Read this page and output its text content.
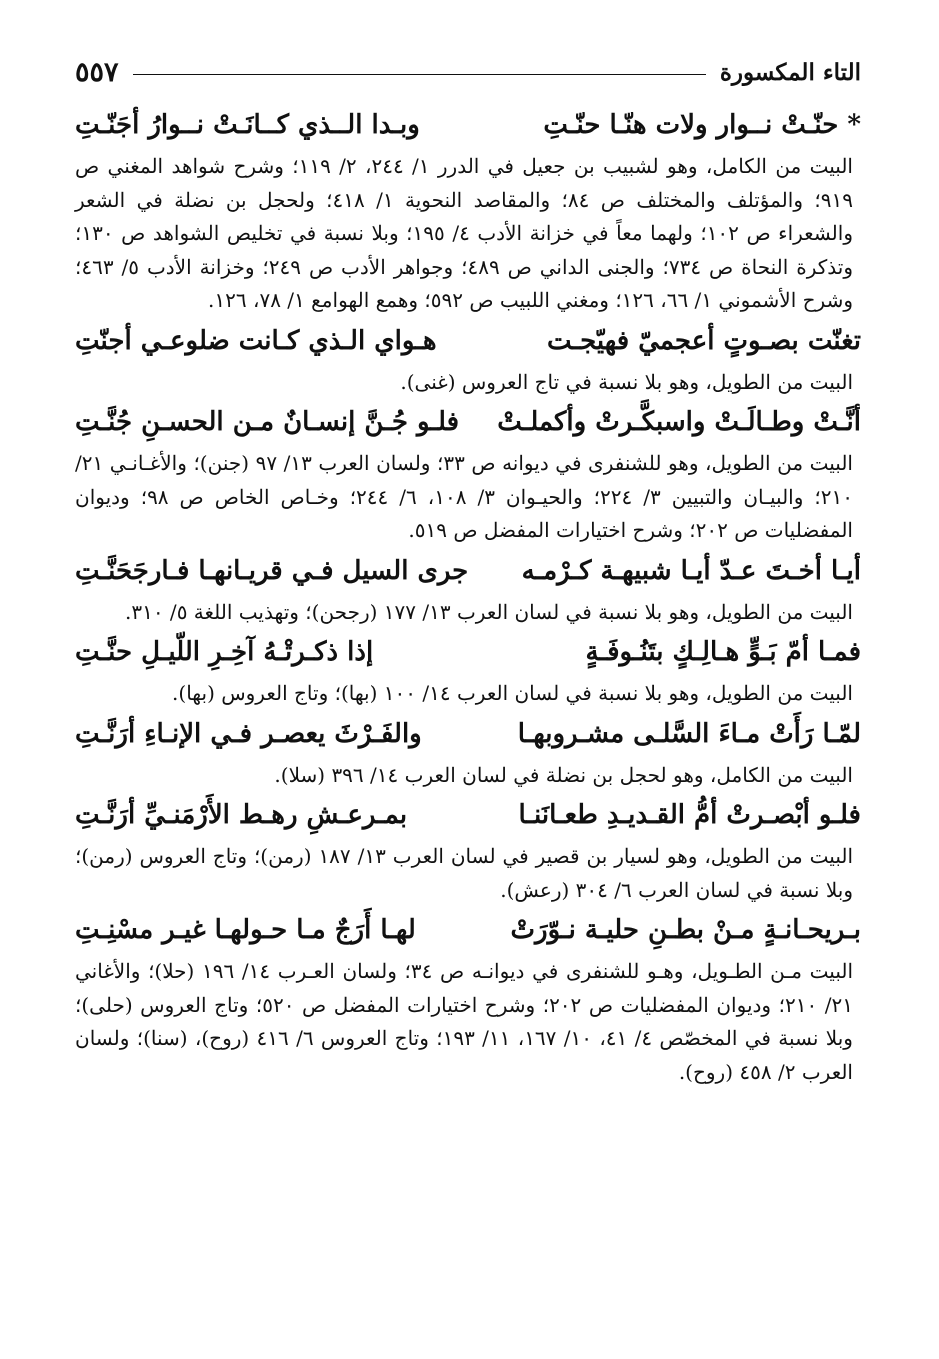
التاء المكسورة
٥٥٧
* حنّـتْ نــوار ولات هنّـا حنّـتِ
وبـدا الــذي كــانَـتْ نــوارُ أجَنّـتِ

البيت من الكامل، وهو لشبيب بن جعيل في الدرر ١/ ٢٤٤، ٢/ ١١٩؛ وشرح شواهد المغني ص ٩١٩؛ والمؤتلف والمختلف ص ٨٤؛ والمقاصد النحوية ١/ ٤١٨؛ ولحجل بن نضلة في الشعر والشعراء ص ١٠٢؛ ولهما معاً في خزانة الأدب ٤/ ١٩٥؛ وبلا نسبة في تخليص الشواهد ص ١٣٠؛ وتذكرة النحاة ص ٧٣٤؛ والجنى الداني ص ٤٨٩؛ وجواهر الأدب ص ٢٤٩؛ وخزانة الأدب ٥/ ٤٦٣؛ وشرح الأشموني ١/ ٦٦، ١٢٦؛ ومغني اللبيب ص ٥٩٢؛ وهمع الهوامع ١/ ٧٨، ١٢٦.

تغنّت بصـوتٍ أعجميّ فهيّجـت
هـواي الـذي كـانت ضلوعـي أجنّتِ

البيت من الطويل، وهو بلا نسبة في تاج العروس (غنى).

أنَّـتْ وطـالَـتْ واسبكَّـرتْ وأكملـتْ
فلـو جُـنَّ إنسـانٌ مـن الحسـنِ جُنَّـتِ

البيت من الطويل، وهو للشنفرى في ديوانه ص ٣٣؛ ولسان العرب ١٣/ ٩٧ (جنن)؛ والأغـانـي ٢١/ ٢١٠؛ والبيـان والتبيين ٣/ ٢٢٤؛ والحيـوان ٣/ ١٠٨، ٦/ ٢٤٤؛ وخـاص الخاص ص ٩٨؛ وديوان المفضليات ص ٢٠٢؛ وشرح اختيارات المفضل ص ٥١٩.

أيـا أخـتَ عـدّ أيـا شبيهـة كـرْمـه
جرى السيل فـي قريـانهـا فـارجَحَنَّـتِ

البيت من الطويل، وهو بلا نسبة في لسان العرب ١٣/ ١٧٧ (رجحن)؛ وتهذيب اللغة ٥/ ٣١٠.

فمـا أمّ بَـوٍّ هـالِـكٍ بتَنُـوفَـةٍ
إذا ذكـرتْـهُ آخِـرِ اللّيـلِ حنَّـتِ

البيت من الطويل، وهو بلا نسبة في لسان العرب ١٤/ ١٠٠ (بها)؛ وتاج العروس (بها).

لمّـا رَأَتْ مـاءَ السَّلـى مشـروبهـا
والفَـرْثَ يعصـر فـي الإنـاءِ أرَنَّـتِ

البيت من الكامل، وهو لحجل بن نضلة في لسان العرب ١٤/ ٣٩٦ (سلا).

فلـو أبْصـرتْ أمُّ القـديـدِ طعـانَنـا
بمـرعـشِ رهـط الأَرْمَنـيِّ أرَنَّـتِ

البيت من الطويل، وهو لسيار بن قصير في لسان العرب ١٣/ ١٨٧ (رمن)؛ وتاج العروس (رمن)؛ وبلا نسبة في لسان العرب ٦/ ٣٠٤ (رعش).

بـريحـانـةٍ مـنْ بطـنِ حليـة نـوّرَتْ
لهـا أَرَجٌ مـا حـولهـا غيـر مسْنِـتِ

البيت مـن الطـويل، وهـو للشنفرى في ديوانـه ص ٣٤؛ ولسان العـرب ١٤/ ١٩٦ (حلا)؛ والأغاني ٢١/ ٢١٠؛ وديوان المفضليات ص ٢٠٢؛ وشرح اختيارات المفضل ص ٥٢٠؛ وتاج العروس (حلى)؛ وبلا نسبة في المخصّص ٤/ ٤١، ١٠/ ١٦٧، ١١/ ١٩٣؛ وتاج العروس ٦/ ٤١٦ (روح)، (سنا)؛ ولسان العرب ٢/ ٤٥٨ (روح).
